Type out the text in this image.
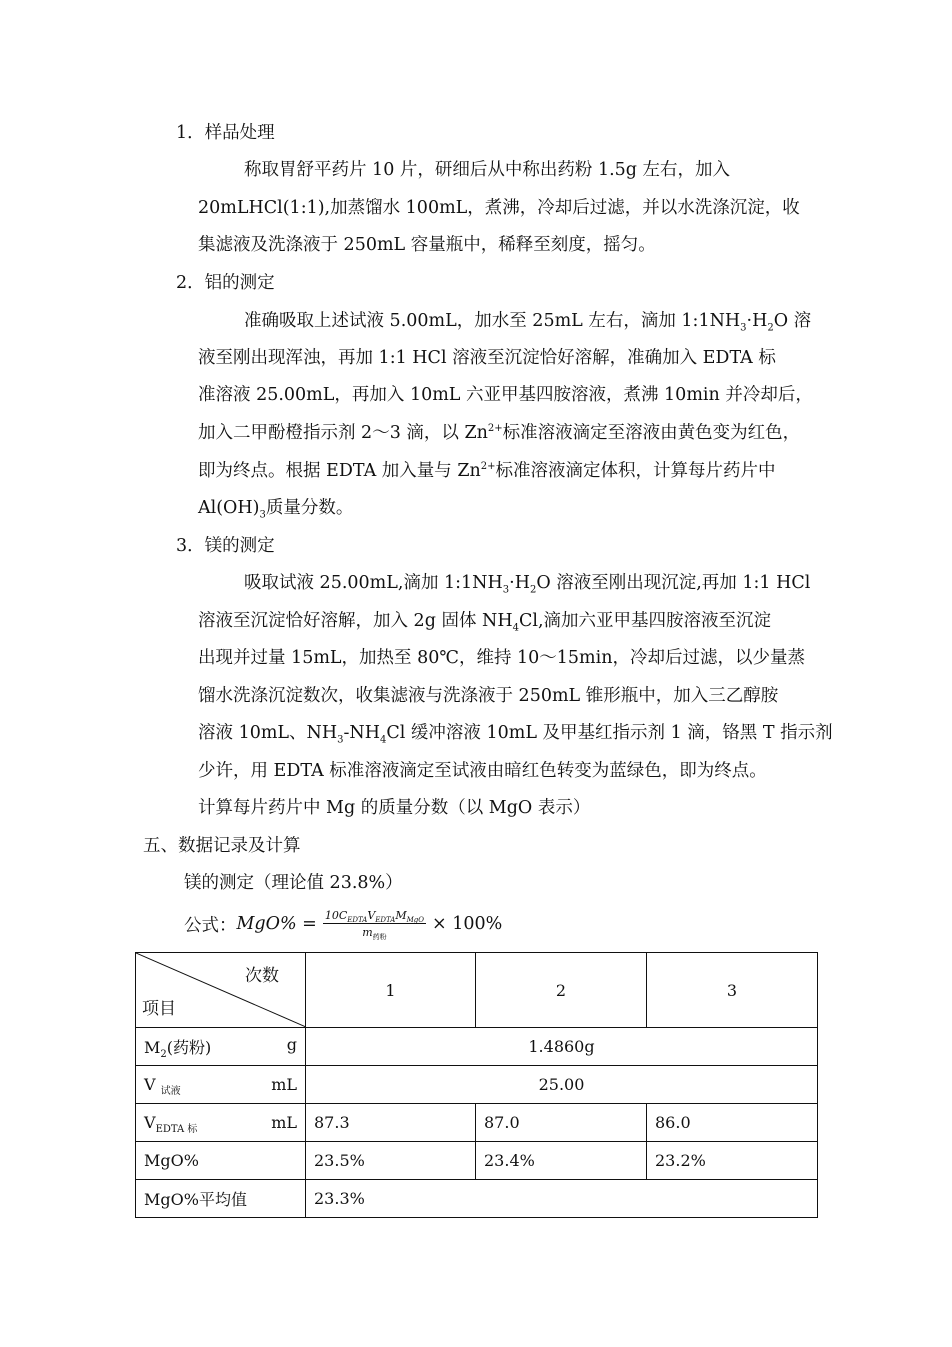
1．样品处理
称取胃舒平药片 10 片，研细后从中称出药粉 1.5g 左右，加入
20mLHCl(1:1),加蒸馏水 100mL，煮沸，冷却后过滤，并以水洗涤沉淀，收
集滤液及洗涤液于 250mL 容量瓶中，稀释至刻度，摇匀。
2．铝的测定
准确吸取上述试液 5.00mL，加水至 25mL 左右，滴加 $1:1NH_3\cdot H_2O$ 溶
液至刚出现浑浊，再加 1:1 HCl 溶液至沉淀恰好溶解，准确加入 EDTA 标
准溶液 25.00mL，再加入 10mL 六亚甲基四胺溶液，煮沸 10min 并冷却后，
加入二甲酚橙指示剂 2～3 滴，以 $Zn^{2+}$标准溶液滴定至溶液由黄色变为红色，
即为终点。根据 EDTA 加入量与 $Zn^{2+}$标准溶液滴定体积，计算每片药片中
$Al(OH)_3$质量分数。
3．镁的测定
吸取试液 25.00mL,滴加 $1:1NH_3\cdot H_2O$ 溶液至刚出现沉淀,再加 1:1 HCl
溶液至沉淀恰好溶解，加入 2g 固体 $NH_4Cl$,滴加六亚甲基四胺溶液至沉淀
出现并过量 15mL，加热至 80℃，维持 10～15min，冷却后过滤，以少量蒸
馏水洗涤沉淀数次，收集滤液与洗涤液于 250mL 锥形瓶中，加入三乙醇胺
溶液 10mL、$NH_3-NH_4Cl$ 缓冲溶液 10mL 及甲基红指示剂 1 滴，铬黑 T 指示剂
少许，用 EDTA 标准溶液滴定至试液由暗红色转变为蓝绿色，即为终点。
计算每片药片中 Mg 的质量分数（以 MgO 表示）
五、数据记录及计算
镁的测定（理论值 23.8%）
公式： $MgO\% = \frac{10C_{EDTA}V_{EDTA}M_{MgO}}{m_{药粉}} \times 100\%$
次数
项目	1	2	3

$M_2$(药粉) g	1.4860g		

V $_{试液}$ mL	25.00		

$V_{EDTA 标}$ mL	87.3	87.0	86.0
MgO%	23.5%	23.4%	23.2%
MgO%平均值	23.3%		
